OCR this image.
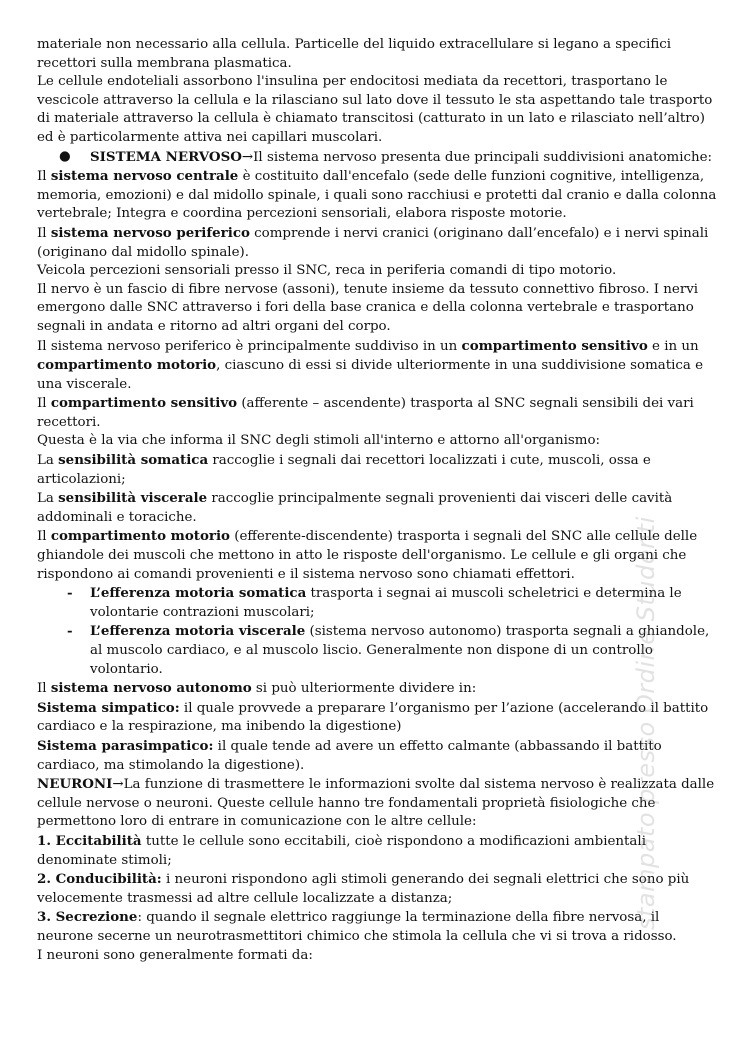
materiale non necessario alla cellula. Particelle del liquido extracellulare si legano a specifici recettori sulla membrana plasmatica.

Le cellule endoteliali assorbono l'insulina per endocitosi mediata da recettori, trasportano le vescicole attraverso la cellula e la rilasciano sul lato dove il tessuto le sta aspettando tale trasporto di materiale attraverso la cellula è chiamato transcitosi (catturato in un lato e rilasciato nell’altro) ed è particolarmente attiva nei capillari muscolari.

● SISTEMA NERVOSO→Il sistema nervoso presenta due principali suddivisioni anatomiche:

Il sistema nervoso centrale è costituito dall'encefalo (sede delle funzioni cognitive, intelligenza, memoria, emozioni) e dal midollo spinale, i quali sono racchiusi e protetti dal cranio e dalla colonna vertebrale; Integra e coordina percezioni sensoriali, elabora risposte motorie.

Il sistema nervoso periferico comprende i nervi cranici (originano dall’encefalo) e i nervi spinali (originano dal midollo spinale).

Veicola percezioni sensoriali presso il SNC, reca in periferia comandi di tipo motorio.

Il nervo è un fascio di fibre nervose (assoni), tenute insieme da tessuto connettivo fibroso. I nervi emergono dalle SNC attraverso i fori della base cranica e della colonna vertebrale e trasportano segnali in andata e ritorno ad altri organi del corpo.

Il sistema nervoso periferico è principalmente suddiviso in un compartimento sensitivo e in un compartimento motorio, ciascuno di essi si divide ulteriormente in una suddivisione somatica e una viscerale.

Il compartimento sensitivo (afferente – ascendente) trasporta al SNC segnali sensibili dei vari recettori.

Questa è la via che informa il SNC degli stimoli all'interno e attorno all'organismo:

La sensibilità somatica raccoglie i segnali dai recettori localizzati i cute, muscoli, ossa e articolazioni;

La sensibilità viscerale raccoglie principalmente segnali provenienti dai visceri delle cavità addominali e toraciche.

Il compartimento motorio (efferente-discendente) trasporta i segnali del SNC alle cellule delle ghiandole dei muscoli che mettono in atto le risposte dell'organismo. Le cellule e gli organi che rispondono ai comandi provenienti e il sistema nervoso sono chiamati effettori.

- L’efferenza motoria somatica trasporta i segnai ai muscoli scheletrici e determina le volontarie contrazioni muscolari;

- L’efferenza motoria viscerale (sistema nervoso autonomo) trasporta segnali a ghiandole, al muscolo cardiaco, e al muscolo liscio. Generalmente non dispone di un controllo volontario.

Il sistema nervoso autonomo si può ulteriormente dividere in:

Sistema simpatico: il quale provvede a preparare l’organismo per l’azione (accelerando il battito cardiaco e la respirazione, ma inibendo la digestione)

Sistema parasimpatico: il quale tende ad avere un effetto calmante (abbassando il battito cardiaco, ma stimolando la digestione).

NEURONI→La funzione di trasmettere le informazioni svolte dal sistema nervoso è realizzata dalle cellule nervose o neuroni. Queste cellule hanno tre fondamentali proprietà fisiologiche che permettono loro di entrare in comunicazione con le altre cellule:

1. Eccitabilità tutte le cellule sono eccitabili, cioè rispondono a modificazioni ambientali denominate stimoli;

2. Conducibilità: i neuroni rispondono agli stimoli generando dei segnali elettrici che sono più velocemente trasmessi ad altre cellule localizzate a distanza;

3. Secrezione: quando il segnale elettrico raggiunge la terminazione della fibre nervosa, il neurone secerne un neurotrasmettitori chimico che stimola la cellula che vi si trova a ridosso.

I neuroni sono generalmente formati da:

stampato presso Ordine Studenti
